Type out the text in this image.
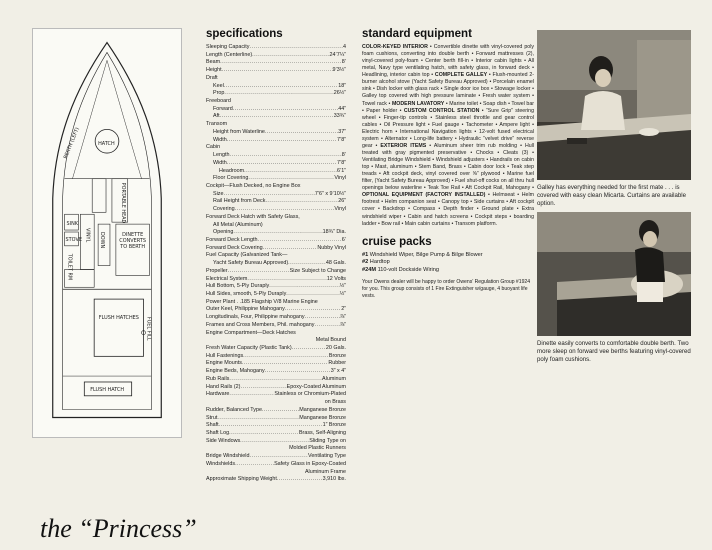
BERTH (LEFT)	HATCH
PORTABLE HEAD
SINK
STOVE VINYL DOWN	DINETTE CONVERTS TO BERTH
TOILET RM
FLUSH HATCHES
FLUSH HATCH
FUEL FILL
the “Princess”
specifications
Sleeping Capacity .....	4
Length (Centerline) .....	24’7¼”
Beam .....	8’
Height .....	9’3½”
Draft
Keel .....	18”
Prop .....	26½”
Freeboard
Forward .....	44”
Aft .....	33¾”
Transom
Height from Waterline .....	37”
Width .....	7’8”
Cabin
Length .....	8’
Width .....	7’8”
Headroom .....	6’1”
Floor Covering .....	Vinyl
Cockpit—Flush Decked, no Engine Box
Size .....	7’6” x 9’10½”
Rail Height from Deck .....	26”
Covering .....	Vinyl
Forward Deck Hatch with Safety Glass,
All Metal (Aluminum)
Opening .....	18¾” Dia.
Forward Deck Length .....	6’
Forward Deck Covering .....	Nubby Vinyl
Fuel Capacity (Galvanized Tank—
Yacht Safety Bureau Approved) .....	48 Gals.
Propeller .....	Size Subject to Change
Electrical System .....	12 Volts
Hull Bottom, 5-Ply Duraply .....	½”
Hull Sides, smooth, 5-Ply Duraply .....	½”
Power Plant . .185 Flagship V/8 Marine Engine
Outer Keel, Philippine Mahogany .....	2”
Longitudinals, Four, Philippine mahogany .....	⅞”
Frames and Cross Members, Phil. mahogany .....	⅞”
Engine Compartment—Deck Hatches
Metal Bound
Fresh Water Capacity (Plastic Tank) .....	20 Gals.
Hull Fastenings .....	Bronze
Engine Mounts .....	Rubber
Engine Beds, Mahogany .....	3” x 4”
Rub Rails .....	Aluminum
Hand Rails (2) .....	Epoxy-Coated Aluminum
Hardware .....	Stainless or Chromium-Plated
on Brass
Rudder, Balanced Type .....	Manganese Bronze
Strut .....	Manganese Bronze
Shaft .....	1” Bronze
Shaft Log .....	Brass, Self-Aligning
Side Windows .....	Sliding Type on
Molded Plastic Runners
Bridge Windshield .....	Ventilating Type
Windshields .....	Safety Glass in Epoxy-Coated
Aluminum Frame
Approximate Shipping Weight .....	3,910 lbs.
standard equipment
COLOR-KEYED INTERIOR • Convertible dinette with vinyl-covered poly foam cushions, converting into double berth • Forward mattresses (2), vinyl-covered poly-foam • Center berth fill-in • Interior cabin lights • All metal, Navy type ventilating hatch, with safety glass, in forward deck • Headlining, interior cabin top • COMPLETE GALLEY • Flush-mounted 2-burner alcohol stove (Yacht Safety Bureau Approved) • Porcelain enamel sink • Dish locker with glass rack • Single door ice box • Stowage locker • Galley top covered with high pressure laminate • Fresh water system • Towel rack • MODERN LAVATORY • Marine toilet • Soap dish • Towel bar • Paper holder • CUSTOM CONTROL STATION • “Sure Grip” steering wheel • Finger-tip controls • Stainless steel throttle and gear control cables • Oil Pressure light • Fuel gauge • Tachometer • Ampere light • Electric horn • International Navigation lights • 12-volt fused electrical system • Alternator • Long-life battery • Hydraulic “velvet drive” reverse gear • EXTERIOR ITEMS • Aluminum sheer trim rub molding • Hull treated with gray pigmented preservative • Chocks • Cleats (3) • Ventilating Bridge Windshield • Windshield adjusters • Handrails on cabin top • Mast, aluminum • Stem Band, Brass • Cabin door lock • Teak step treads • Aft cockpit deck, vinyl covered over ⅝” plywood • Marine fuel filter, (Yacht Safety Bureau Approved) • Fuel shut-off cocks on all thru hull openings below waterline • Teak Toe Rail • Aft Cockpit Rail, Mahogany • OPTIONAL EQUIPMENT (FACTORY INSTALLED) • Helmseat • Helm footrest • Helm companion seat • Canopy top • Side curtains • Aft cockpit cover • Backdrop • Compass • Depth finder • Ground plate • Extra windshield wiper • Cabin and hatch screens • Cockpit steps • boarding ladder • Bow rail • Main cabin curtains • Transom platform.
cruise packs
#1 Windshield Wiper, Bilge Pump & Bilge Blower
#2 Hardtop
#24M 110-volt Dockside Wiring
Your Owens dealer will be happy to order Owens’ Regulation Group #1924 for you. This group consists of 1 Fire Extinguisher w/gauge, 4 buoyant life vests.
Galley has everything needed for the first mate . . . is covered with easy clean Micarta. Curtains are available option.
Dinette easily converts to comfortable double berth. Two more sleep on forward vee berths featuring vinyl-covered poly foam cushions.
